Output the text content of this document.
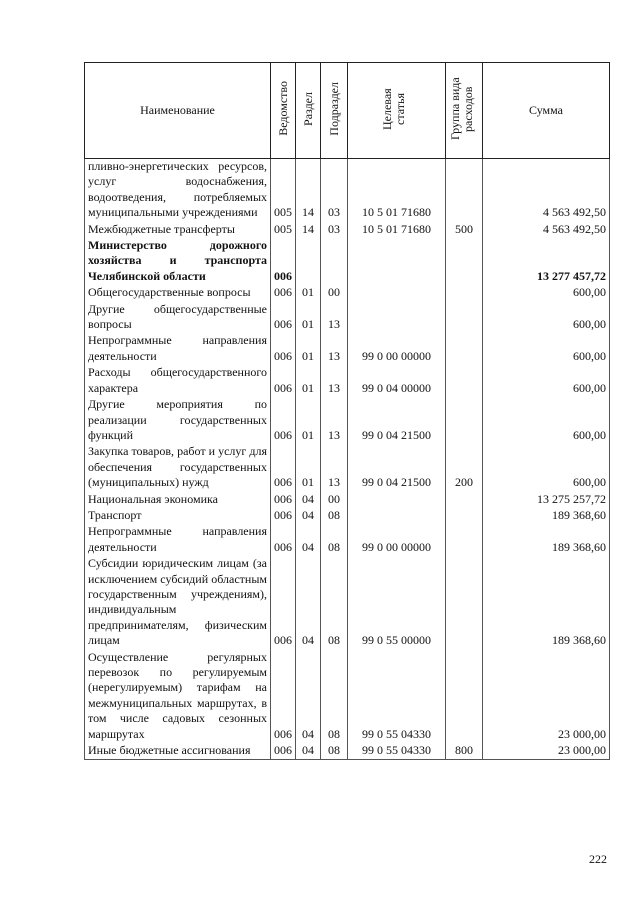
Наименование	Ведомство	Раздел	Подраздел	Целевая статья	Группа вида расходов	Сумма
пливно-энергетических ресурсов, услуг водоснабжения, водоотведения, потребляемых муниципальными учреждениями	005	14	03	10 5 01 71680		4 563 492,50
Межбюджетные трансферты	005	14	03	10 5 01 71680	500	4 563 492,50
Министерство дорожного хозяйства и транспорта Челябинской области	006					13 277 457,72
Общегосударственные вопросы	006	01	00			600,00
Другие общегосударственные вопросы	006	01	13			600,00
Непрограммные направления деятельности	006	01	13	99 0 00 00000		600,00
Расходы общегосударственного характера	006	01	13	99 0 04 00000		600,00
Другие мероприятия по реализации государственных функций	006	01	13	99 0 04 21500		600,00
Закупка товаров, работ и услуг для обеспечения государственных (муниципальных) нужд	006	01	13	99 0 04 21500	200	600,00
Национальная экономика	006	04	00			13 275 257,72
Транспорт	006	04	08			189 368,60
Непрограммные направления деятельности	006	04	08	99 0 00 00000		189 368,60
Субсидии юридическим лицам (за исключением субсидий областным государственным учреждениям), индивидуальным предпринимателям, физическим лицам	006	04	08	99 0 55 00000		189 368,60
Осуществление регулярных перевозок по регулируемым (нерегулируемым) тарифам на межмуниципальных маршрутах, в том числе садовых сезонных маршрутах	006	04	08	99 0 55 04330		23 000,00
Иные бюджетные ассигнования	006	04	08	99 0 55 04330	800	23 000,00
222
